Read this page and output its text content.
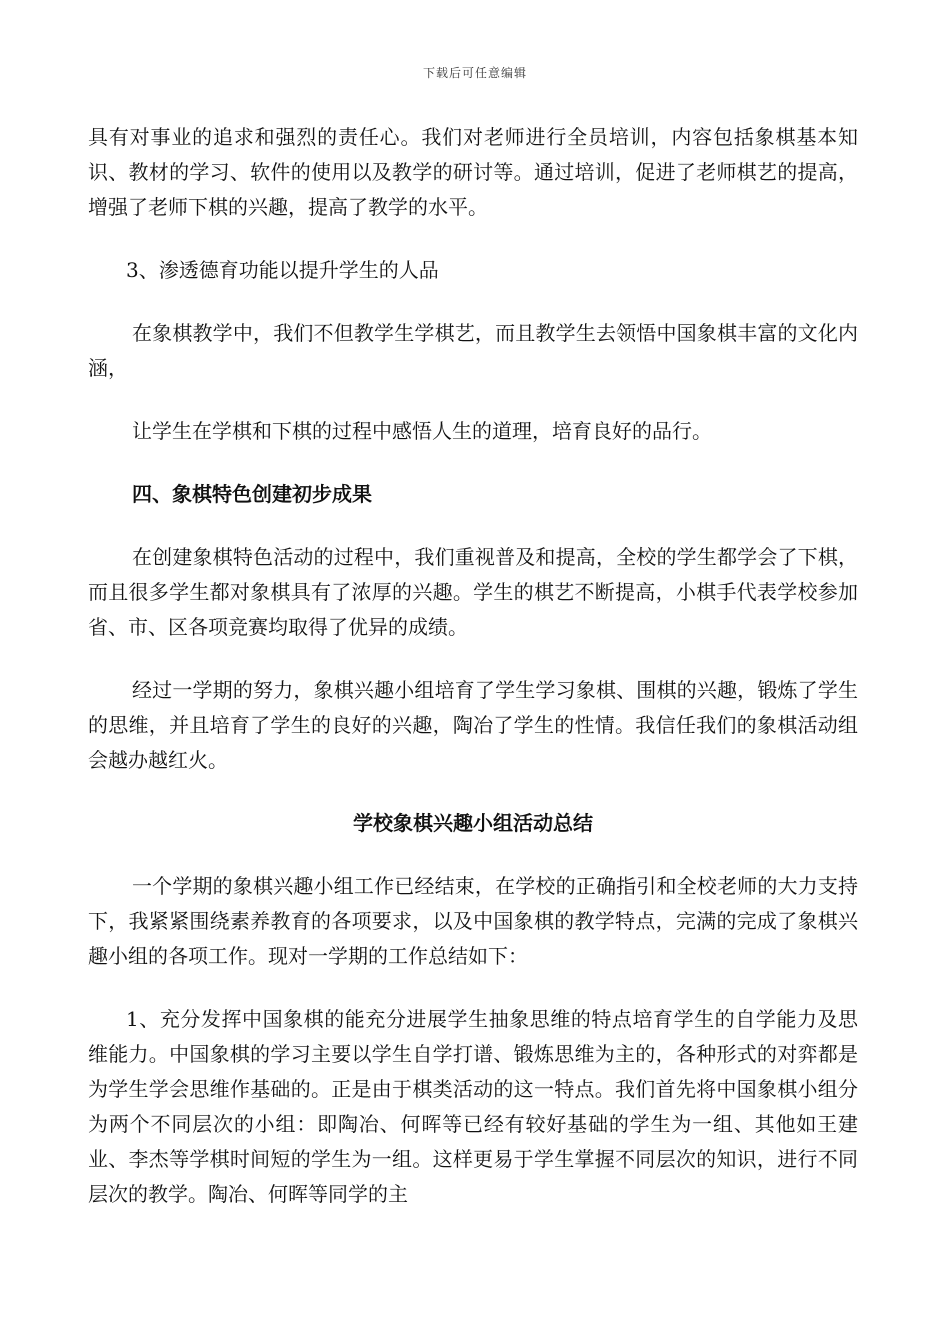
下载后可任意编辑

具有对事业的追求和强烈的责任心。我们对老师进行全员培训，内容包括象棋基本知识、教材的学习、软件的使用以及教学的研讨等。通过培训，促进了老师棋艺的提高，增强了老师下棋的兴趣，提高了教学的水平。

3、渗透德育功能以提升学生的人品

在象棋教学中，我们不但教学生学棋艺，而且教学生去领悟中国象棋丰富的文化内涵，

让学生在学棋和下棋的过程中感悟人生的道理，培育良好的品行。

四、象棋特色创建初步成果

在创建象棋特色活动的过程中，我们重视普及和提高，全校的学生都学会了下棋，而且很多学生都对象棋具有了浓厚的兴趣。学生的棋艺不断提高，小棋手代表学校参加省、市、区各项竞赛均取得了优异的成绩。

经过一学期的努力，象棋兴趣小组培育了学生学习象棋、围棋的兴趣，锻炼了学生的思维，并且培育了学生的良好的兴趣，陶冶了学生的性情。我信任我们的象棋活动组会越办越红火。

学校象棋兴趣小组活动总结

一个学期的象棋兴趣小组工作已经结束，在学校的正确指引和全校老师的大力支持下，我紧紧围绕素养教育的各项要求，以及中国象棋的教学特点，完满的完成了象棋兴趣小组的各项工作。现对一学期的工作总结如下：

1、充分发挥中国象棋的能充分进展学生抽象思维的特点培育学生的自学能力及思维能力。中国象棋的学习主要以学生自学打谱、锻炼思维为主的，各种形式的对弈都是为学生学会思维作基础的。正是由于棋类活动的这一特点。我们首先将中国象棋小组分为两个不同层次的小组：即陶冶、何晖等已经有较好基础的学生为一组、其他如王建业、李杰等学棋时间短的学生为一组。这样更易于学生掌握不同层次的知识，进行不同层次的教学。陶冶、何晖等同学的主
